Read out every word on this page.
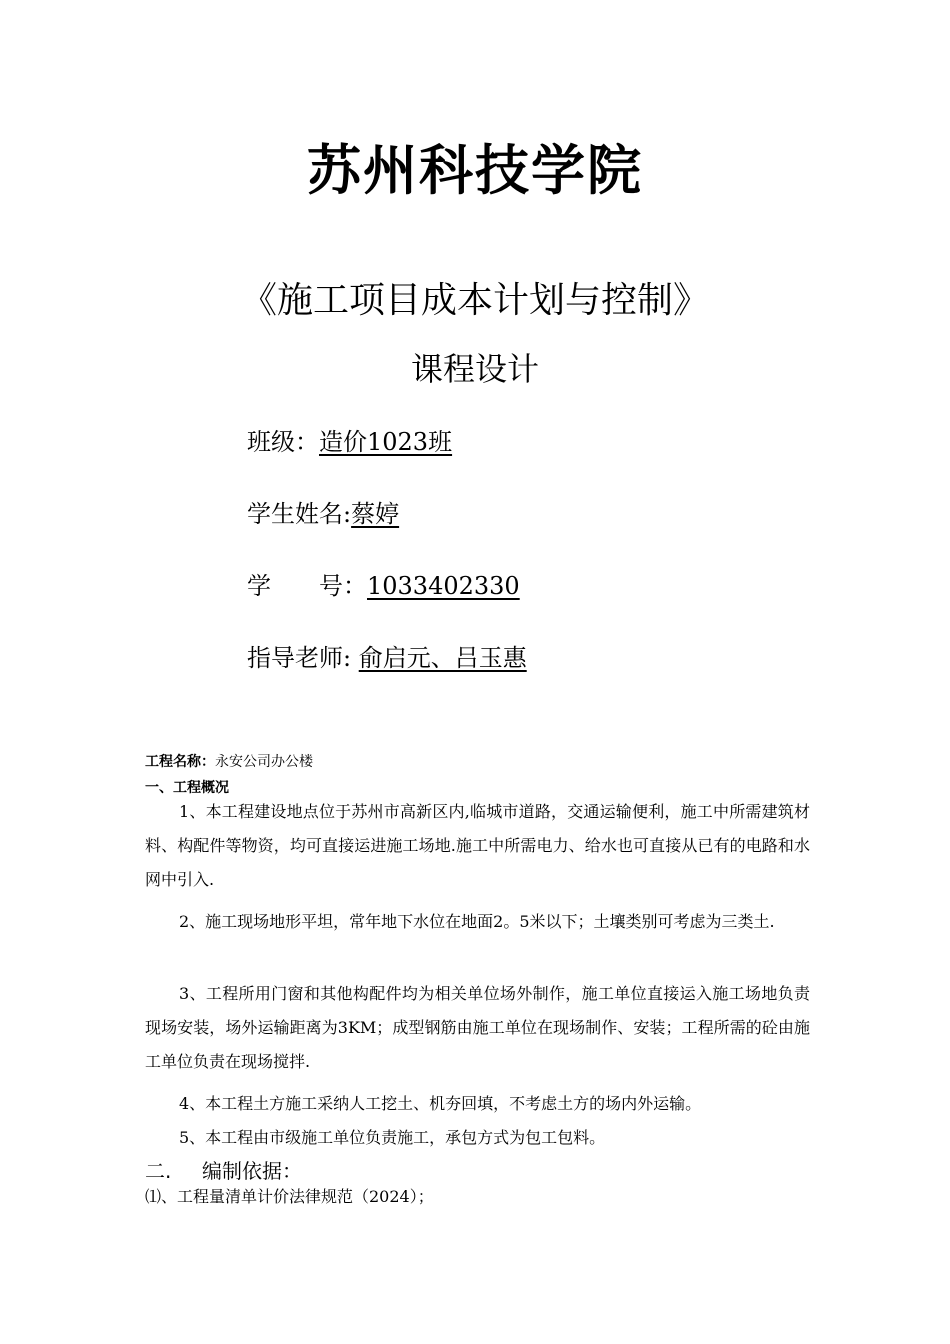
苏州科技学院
《施工项目成本计划与控制》
课程设计
班级：造价1023班
学生姓名:蔡婷
学　　号：1033402330
指导老师: 俞启元、吕玉惠
工程名称：永安公司办公楼
一、工程概况
1、本工程建设地点位于苏州市高新区内,临城市道路，交通运输便利，施工中所需建筑材料、构配件等物资，均可直接运进施工场地.施工中所需电力、给水也可直接从已有的电路和水网中引入.
2、施工现场地形平坦，常年地下水位在地面2。5米以下；土壤类别可考虑为三类土.
3、工程所用门窗和其他构配件均为相关单位场外制作，施工单位直接运入施工场地负责现场安装，场外运输距离为3KM；成型钢筋由施工单位在现场制作、安装；工程所需的砼由施工单位负责在现场搅拌.
4、本工程土方施工采纳人工挖土、机夯回填，不考虑土方的场内外运输。
5、本工程由市级施工单位负责施工，承包方式为包工包料。
二. 编制依据：
⑴、工程量清单计价法律规范（2024）；
